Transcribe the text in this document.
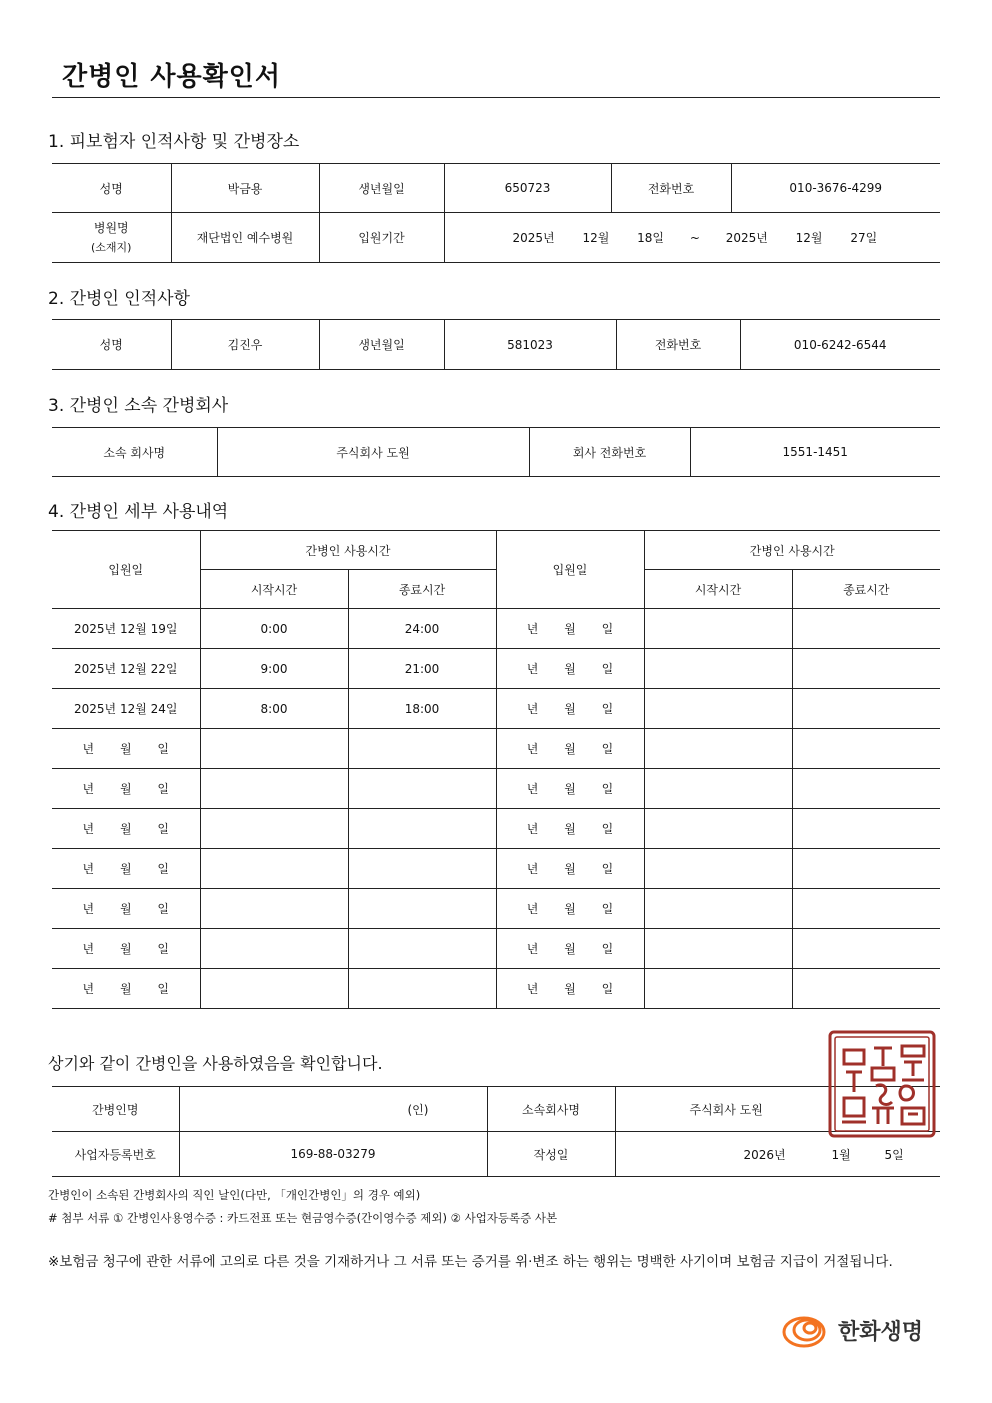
간병인 사용확인서
1. 피보험자 인적사항 및 간병장소
성명	박금용	생년월일	650723	전화번호	010-3676-4299

병원명
(소재지)	재단법인 예수병원	입원기간	2025년 12월 18일 ~ 2025년 12월 27일		
2. 간병인 인적사항
성명	김진우	생년월일	581023	전화번호	010-6242-6544
3. 간병인 소속 간병회사
소속 회사명	주식회사 도원	회사 전화번호	1551-1451
4. 간병인 세부 사용내역
입원일	간병인 사용시간		입원일	간병인 사용시간	
	시작시간	종료시간		시작시간	종료시간
2025년 12월 19일	0:00	24:00	년 월 일		
2025년 12월 22일	9:00	21:00	년 월 일		
2025년 12월 24일	8:00	18:00	년 월 일		
년 월 일			년 월 일		
년 월 일			년 월 일		
년 월 일			년 월 일		
년 월 일			년 월 일		
년 월 일			년 월 일		
년 월 일			년 월 일		
년 월 일			년 월 일		
상기와 같이 간병인을 사용하였음을 확인합니다.
간병인명	(인)	소속회사명	주식회사 도원
사업자등록번호	169-88-03279	작성일	2026년 1월 5일
간병인이 소속된 간병회사의 직인 날인(다만, 「개인간병인」의 경우 예외)
# 첨부 서류 ① 간병인사용영수증 : 카드전표 또는 현금영수증(간이영수증 제외) ② 사업자등록증 사본
※보험금 청구에 관한 서류에 고의로 다른 것을 기재하거나 그 서류 또는 증거를 위·변조 하는 행위는 명백한 사기이며 보험금 지급이 거절됩니다.
한화생명
